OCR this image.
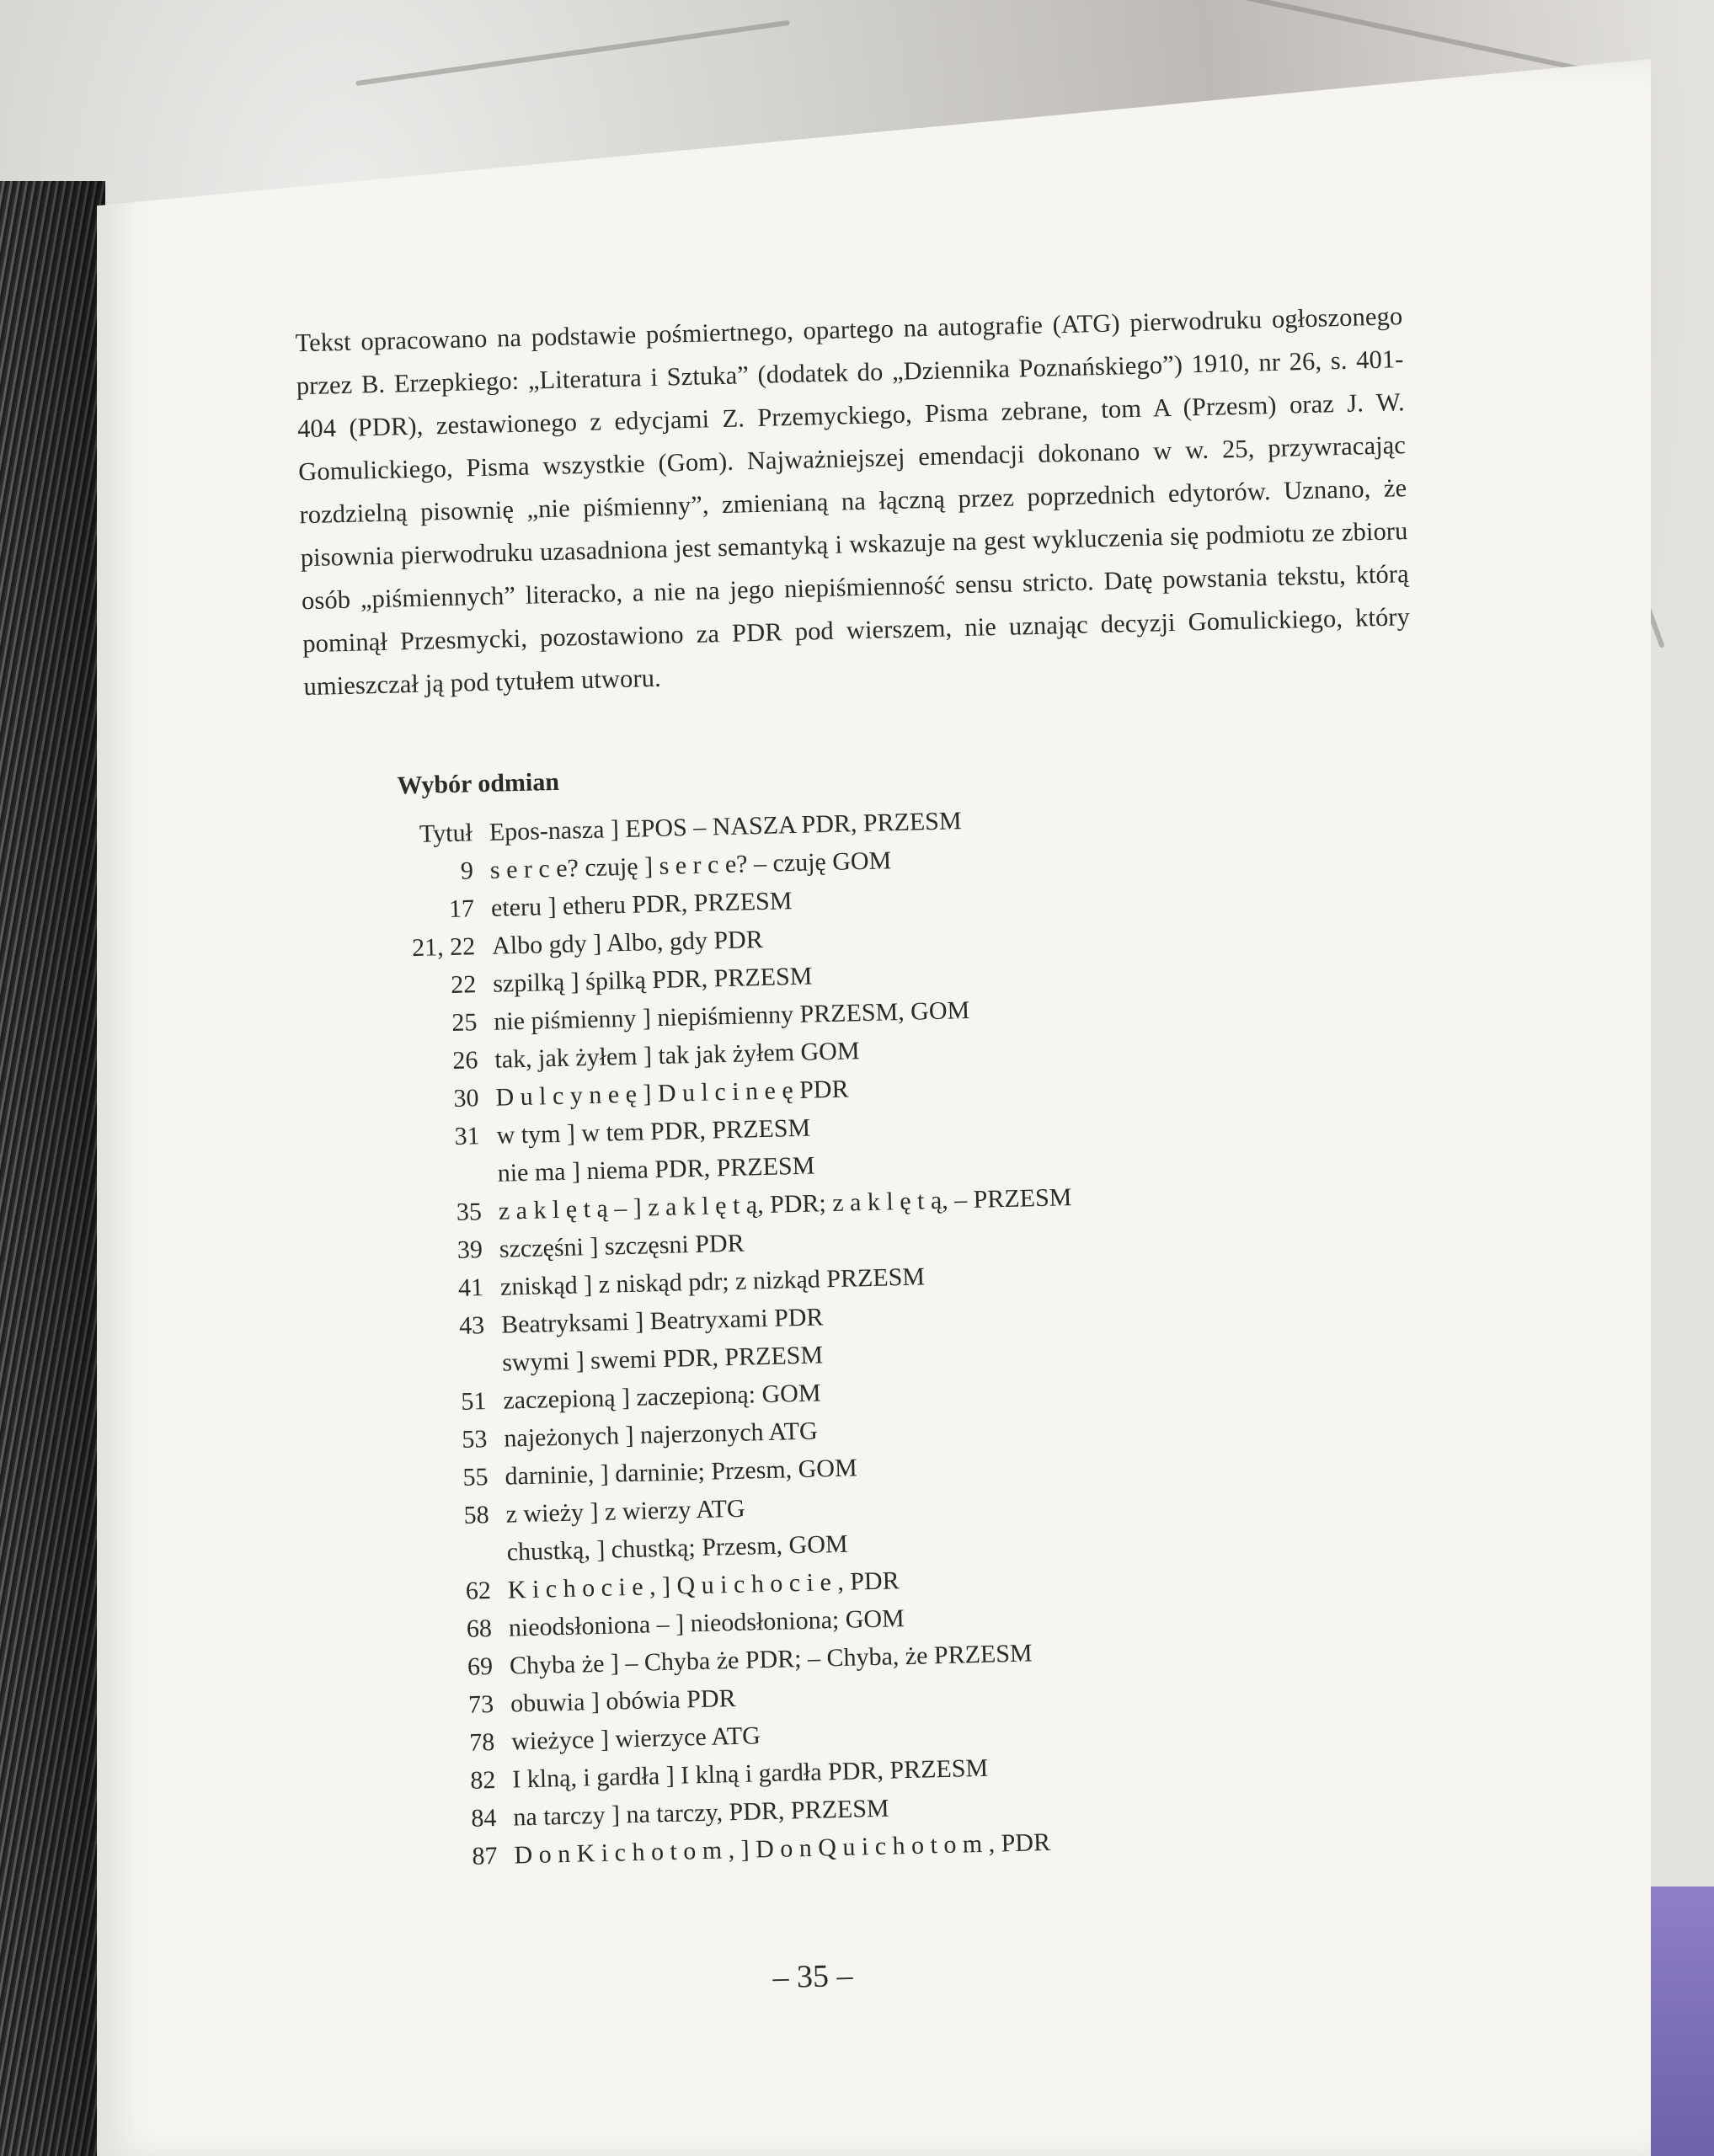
Tekst opracowano na podstawie pośmiertnego, opartego na autografie (ATG) pierwodruku ogłoszonego przez B. Erzepkiego: „Literatura i Sztuka” (dodatek do „Dziennika Poznańskiego”) 1910, nr 26, s. 401-404 (PDR), zestawionego z edycjami Z. Przemyckiego, Pisma zebrane, tom A (Przesm) oraz J. W. Gomulickiego, Pisma wszystkie (Gom). Najważniejszej emendacji dokonano w w. 25, przywracając rozdzielną pisownię „nie piśmienny”, zmienianą na łączną przez poprzednich edytorów. Uznano, że pisownia pierwodruku uzasadniona jest semantyką i wskazuje na gest wykluczenia się podmiotu ze zbioru osób „piśmiennych” literacko, a nie na jego niepiśmienność sensu stricto. Datę powstania tekstu, którą pominął Przesmycki, pozostawiono za PDR pod wierszem, nie uznając decyzji Gomulickiego, który umieszczał ją pod tytułem utworu.

Wybór odmian
Tytuł Epos-nasza ] EPOS – NASZA PDR, PRZESM
9 s e r c e? czuję ] s e r c e? – czuję GOM
17 eteru ] etheru PDR, PRZESM
21, 22 Albo gdy ] Albo, gdy PDR
22 szpilką ] śpilką PDR, PRZESM
25 nie piśmienny ] niepiśmienny PRZESM, GOM
26 tak, jak żyłem ] tak jak żyłem GOM
30 D u l c y n e ę ] D u l c i n e ę PDR
31 w tym ] w tem PDR, PRZESM
nie ma ] niema PDR, PRZESM
35 z a k l ę t ą – ] z a k l ę t ą, PDR; z a k l ę t ą, – PRZESM
39 szczęśni ] szczęsni PDR
41 zniskąd ] z niskąd pdr; z nizkąd PRZESM
43 Beatryksami ] Beatryxami PDR
swymi ] swemi PDR, PRZESM
51 zaczepioną ] zaczepioną: GOM
53 najeżonych ] najerzonych ATG
55 darninie, ] darninie; Przesm, GOM
58 z wieży ] z wierzy ATG
chustką, ] chustką; Przesm, GOM
62 K i c h o c i e , ] Q u i c h o c i e , PDR
68 nieodsłoniona – ] nieodsłoniona; GOM
69 Chyba że ] – Chyba że PDR; – Chyba, że PRZESM
73 obuwia ] obówia PDR
78 wieżyce ] wierzyce ATG
82 I klną, i gardła ] I klną i gardła PDR, PRZESM
84 na tarczy ] na tarczy, PDR, PRZESM
87 D o n K i c h o t o m , ] D o n Q u i c h o t o m , PDR
– 35 –
